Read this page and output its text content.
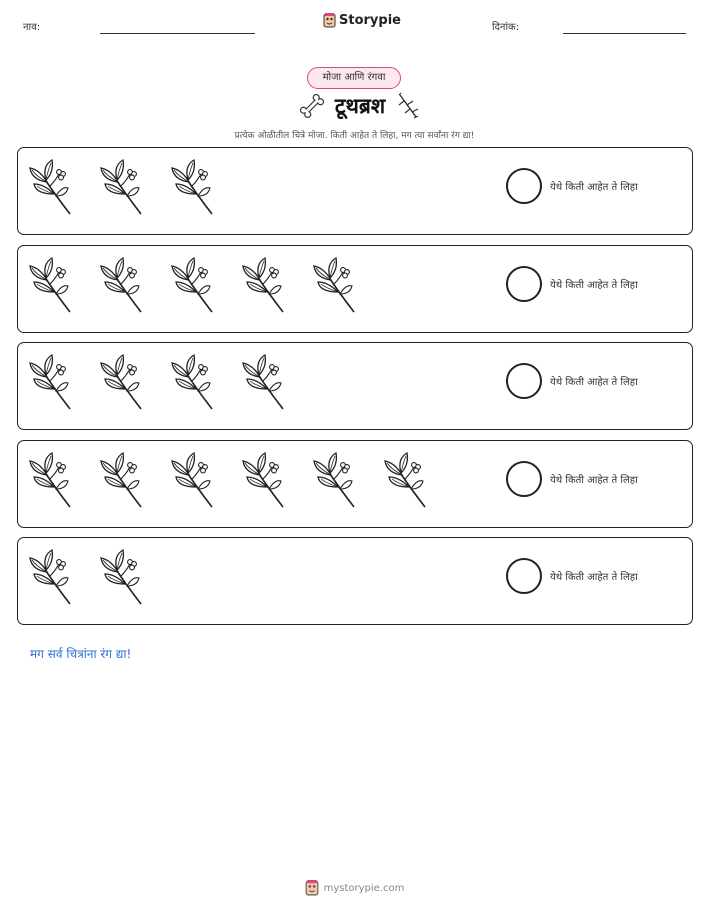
नाव:	Storypie	दिनांक:
मोजा आणि रंगवा
टूथब्रश
प्रत्येक ओळीतील चित्रे मोजा. किती आहेत ते लिहा, मग त्या सर्वांना रंग द्या!
येथे किती आहेत ते लिहा
येथे किती आहेत ते लिहा
येथे किती आहेत ते लिहा
येथे किती आहेत ते लिहा
येथे किती आहेत ते लिहा
मग सर्व चित्रांना रंग द्या!
mystorypie.com
